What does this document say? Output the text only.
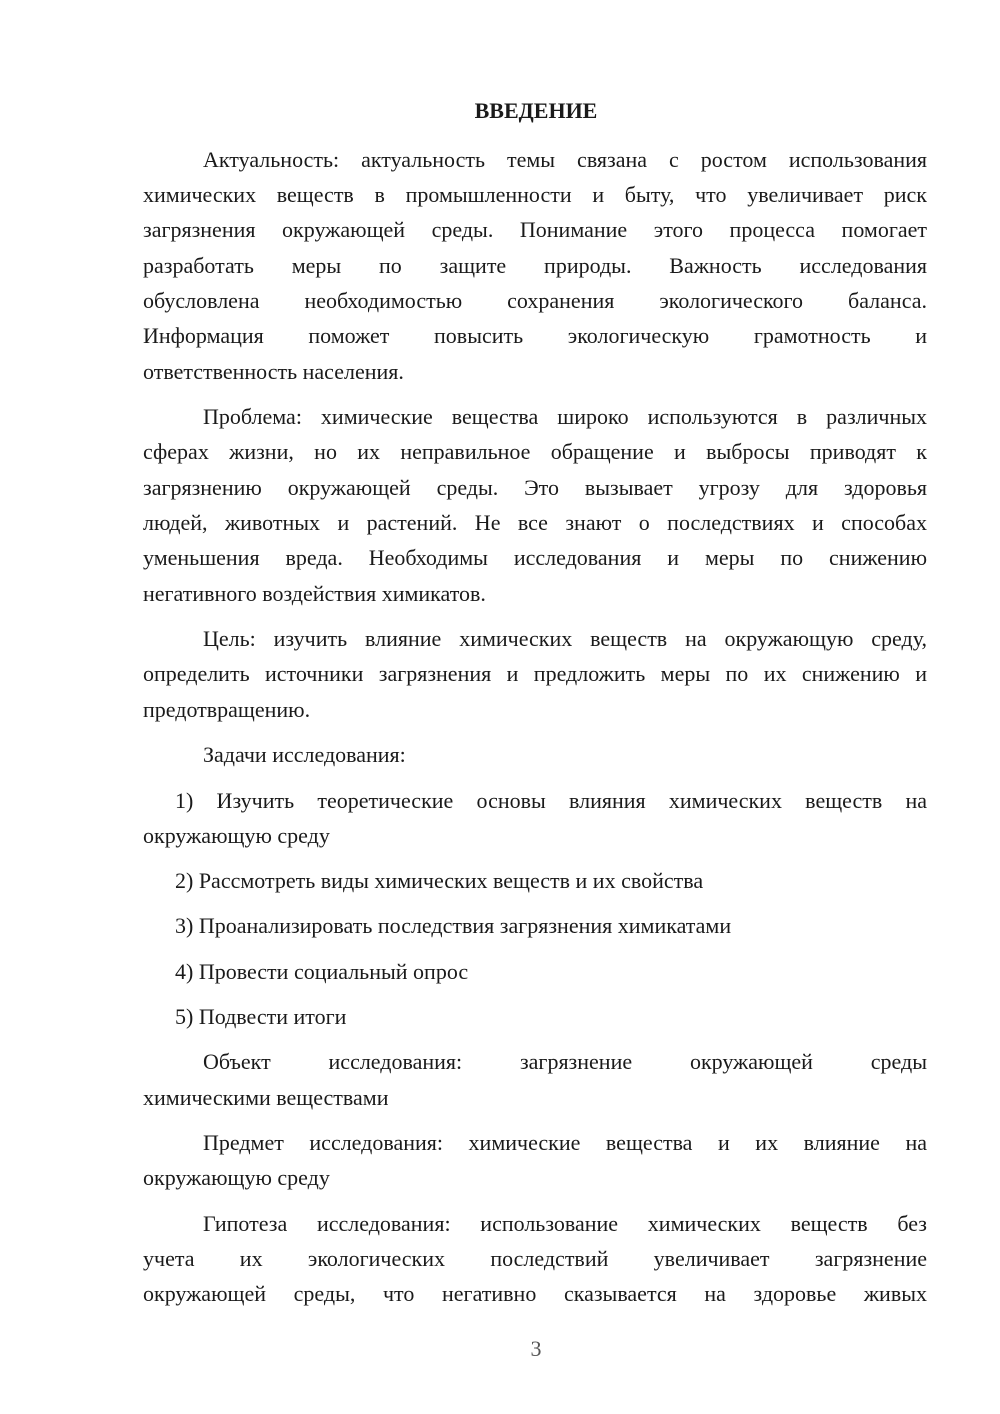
ВВЕДЕНИЕ
Актуальность: актуальность темы связана с ростом использования
химических веществ в промышленности и быту, что увеличивает риск
загрязнения окружающей среды. Понимание этого процесса помогает
разработать меры по защите природы. Важность исследования
обусловлена необходимостью сохранения экологического баланса.
Информация поможет повысить экологическую грамотность и
ответственность населения.
Проблема: химические вещества широко используются в различных
сферах жизни, но их неправильное обращение и выбросы приводят к
загрязнению окружающей среды. Это вызывает угрозу для здоровья
людей, животных и растений. Не все знают о последствиях и способах
уменьшения вреда. Необходимы исследования и меры по снижению
негативного воздействия химикатов.
Цель: изучить влияние химических веществ на окружающую среду,
определить источники загрязнения и предложить меры по их снижению и
предотвращению.
Задачи исследования:
1) Изучить теоретические основы влияния химических веществ на
окружающую среду
2) Рассмотреть виды химических веществ и их свойства
3) Проанализировать последствия загрязнения химикатами
4) Провести социальный опрос
5) Подвести итоги
Объект исследования: загрязнение окружающей среды
химическими веществами
Предмет исследования: химические вещества и их влияние на
окружающую среду
Гипотеза исследования: использование химических веществ без
учета их экологических последствий увеличивает загрязнение
окружающей среды, что негативно сказывается на здоровье живых
3
